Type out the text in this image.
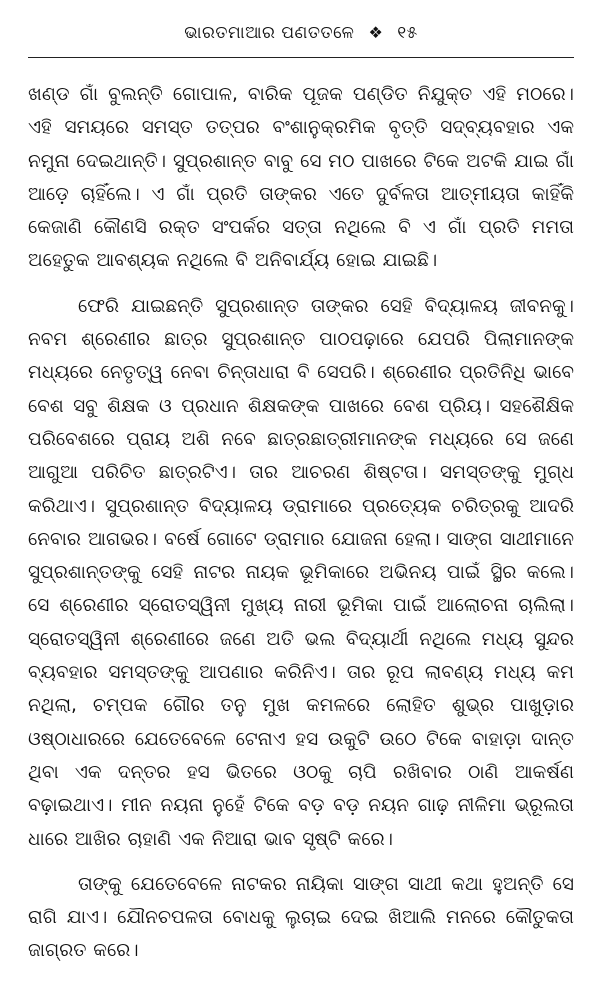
ଭାରତମାଆର ପଣତତଳେ ❖ ୧୫

ଖଣ୍ଡ ଗାଁ ବୁଲନ୍ତି ଗୋପାଳ, ବାରିକ ପୂଜକ ପଣ୍ଡିତ ନିଯୁକ୍ତ ଏହି ମଠରେ। ଏହି ସମୟରେ ସମସ୍ତ ତତ୍ପର ବଂଶାନୁକ୍ରମିକ ବୃତ୍ତି ସଦ୍ବ୍ୟବହାର ଏକ ନମୁନା ଦେଇଥାନ୍ତି। ସୁପ୍ରଶାନ୍ତ ବାବୁ ସେ ମଠ ପାଖରେ ଟିକେ ଅଟକି ଯାଇ ଗାଁ ଆଡ଼େ ଚାହିଁଲେ। ଏ ଗାଁ ପ୍ରତି ତାଙ୍କର ଏତେ ଦୁର୍ବଳତା ଆତ୍ମୀୟତା କାହିଁକି କେଜାଣି କୌଣସି ରକ୍ତ ସଂପର୍କର ସତ୍ତା ନଥିଲେ ବି ଏ ଗାଁ ପ୍ରତି ମମତା ଅହେତୁକ ଆବଶ୍ୟକ ନଥିଲେ ବି ଅନିବାର୍ଯ୍ୟ ହୋଇ ଯାଇଛି।

ଫେରି ଯାଇଛନ୍ତି ସୁପ୍ରଶାନ୍ତ ତାଙ୍କର ସେହି ବିଦ୍ୟାଳୟ ଜୀବନକୁ। ନବମ ଶ୍ରେଣୀର ଛାତ୍ର ସୁପ୍ରଶାନ୍ତ ପାଠପଢ଼ାରେ ଯେପରି ପିଲାମାନଙ୍କ ମଧ୍ୟରେ ନେତୃତ୍ୱ ନେବା ଚିନ୍ତାଧାରା ବି ସେପରି। ଶ୍ରେଣୀର ପ୍ରତିନିଧି ଭାବେ ବେଶ ସବୁ ଶିକ୍ଷକ ଓ ପ୍ରଧାନ ଶିକ୍ଷକଙ୍କ ପାଖରେ ବେଶ ପ୍ରିୟ। ସହଶୈକ୍ଷିକ ପରିବେଶରେ ପ୍ରାୟ ଅଶି ନବେ ଛାତ୍ରଛାତ୍ରୀମାନଙ୍କ ମଧ୍ୟରେ ସେ ଜଣେ ଆଗୁଆ ପରିଚିତ ଛାତ୍ରଟିଏ। ତାର ଆଚରଣ ଶିଷ୍ଟତା। ସମସ୍ତଙ୍କୁ ମୁଗ୍ଧ କରିଥାଏ। ସୁପ୍ରଶାନ୍ତ ବିଦ୍ୟାଳୟ ଡ୍ରାମାରେ ପ୍ରତ୍ୟେକ ଚରିତ୍ରକୁ ଆଦରି ନେବାର ଆଗଭର। ବର୍ଷେ ଗୋଟେ ଡ୍ରାମାର ଯୋଜନା ହେଲା। ସାଙ୍ଗ ସାଥୀମାନେ ସୁପ୍ରଶାନ୍ତଙ୍କୁ ସେହି ନାଟର ନାୟକ ଭୂମିକାରେ ଅଭିନୟ ପାଇଁ ସ୍ଥିର କଲେ। ସେ ଶ୍ରେଣୀର ସ୍ରୋତସ୍ୱିନୀ ମୁଖ୍ୟ ନାରୀ ଭୂମିକା ପାଇଁ ଆଲୋଚନା ଚାଲିଲା। ସ୍ରୋତସ୍ୱିନୀ ଶ୍ରେଣୀରେ ଜଣେ ଅତି ଭଲ ବିଦ୍ୟାର୍ଥୀ ନଥିଲେ ମଧ୍ୟ ସୁନ୍ଦର ବ୍ୟବହାର ସମସ୍ତଙ୍କୁ ଆପଣାର କରିନିଏ। ତାର ରୂପ ଲାବଣ୍ୟ ମଧ୍ୟ କମ ନଥିଲା, ଚମ୍ପକ ଗୌର ତନୁ ମୁଖ କମଳରେ ଲୋହିତ ଶୁଭ୍ର ପାଖୁଡ଼ାର ଓଷ୍ଠାଧାରରେ ଯେତେବେଳେ ଟେନାଏ ହସ ଉକୁଟି ଉଠେ ଟିକେ ବାହାଡ଼ା ଦାନ୍ତ ଥିବା ଏକ ଦନ୍ତର ହସ ଭିତରେ ଓଠକୁ ଚାପି ରଖିବାର ଠାଣି ଆକର୍ଷଣ ବଢ଼ାଇଥାଏ। ମୀନ ନୟନା ନୁହେଁ ଟିକେ ବଡ଼ ବଡ଼ ନୟନ ଗାଢ଼ ନୀଳିମା ଭ୍ରୂଲତା ଧାରେ ଆଖିର ଚାହାଣି ଏକ ନିଆରା ଭାବ ସୃଷ୍ଟି କରେ।

ତାଙ୍କୁ ଯେତେବେଳେ ନାଟକର ନାୟିକା ସାଙ୍ଗ ସାଥୀ କଥା ହୁଅନ୍ତି ସେ ରାଗି ଯାଏ। ଯୌନଚପଳତା ବୋଧକୁ ଲୁଚାଇ ଦେଇ ଖିଆଲି ମନରେ କୌତୁକତା ଜାଗ୍ରତ କରେ।
